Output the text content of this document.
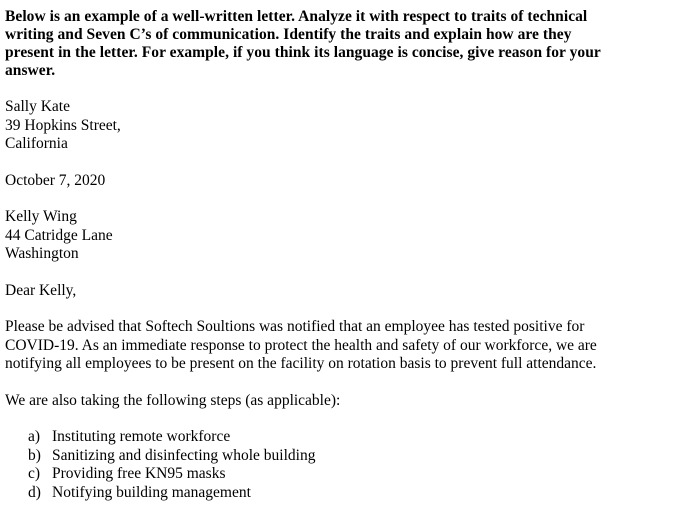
Below is an example of a well-written letter. Analyze it with respect to traits of technical
writing and Seven C’s of communication. Identify the traits and explain how are they
present in the letter. For example, if you think its language is concise, give reason for your
answer.

Sally Kate
39 Hopkins Street,
California
October 7, 2020
Kelly Wing
44 Catridge Lane
Washington
Dear Kelly,
Please be advised that Softech Soultions was notified that an employee has tested positive for
COVID-19. As an immediate response to protect the health and safety of our workforce, we are
notifying all employees to be present on the facility on rotation basis to prevent full attendance.
We are also taking the following steps (as applicable):
a) Instituting remote workforce
b) Sanitizing and disinfecting whole building
c) Providing free KN95 masks
d) Notifying building management
